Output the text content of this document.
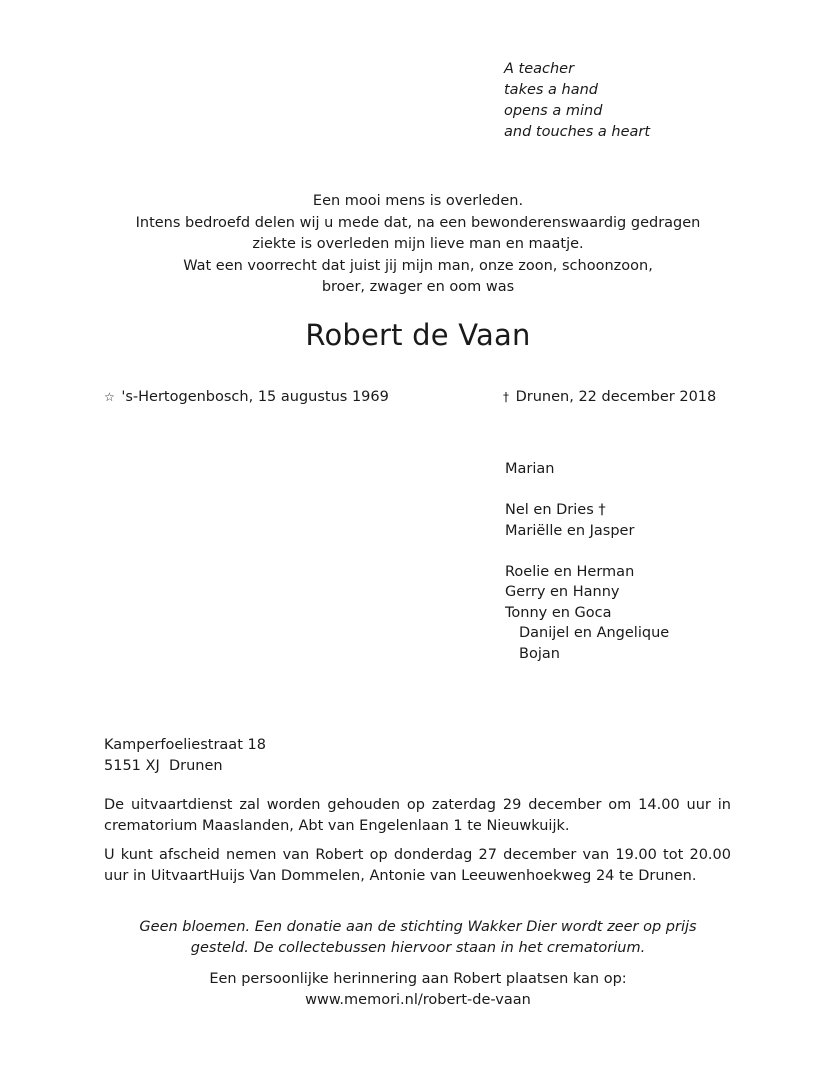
A teacher
takes a hand
opens a mind
and touches a heart
Een mooi mens is overleden.
Intens bedroefd delen wij u mede dat, na een bewonderenswaardig gedragen
ziekte is overleden mijn lieve man en maatje.
Wat een voorrecht dat juist jij mijn man, onze zoon, schoonzoon,
broer, zwager en oom was
Robert de Vaan
☆ 's-Hertogenbosch, 15 augustus 1969	† Drunen, 22 december 2018
Marian
Nel en Dries †
Mariëlle en Jasper
Roelie en Herman
Gerry en Hanny
Tonny en Goca
Danijel en Angelique
Bojan
Kamperfoeliestraat 18
5151 XJ  Drunen

De uitvaartdienst zal worden gehouden op zaterdag 29 december om 14.00 uur in crematorium Maaslanden, Abt van Engelenlaan 1 te Nieuwkuijk.

U kunt afscheid nemen van Robert op donderdag 27 december van 19.00 tot 20.00 uur in UitvaartHuijs Van Dommelen, Antonie van Leeuwenhoekweg 24 te Drunen.

Geen bloemen. Een donatie aan de stichting Wakker Dier wordt zeer op prijs
gesteld. De collectebussen hiervoor staan in het crematorium.
Een persoonlijke herinnering aan Robert plaatsen kan op:
www.memori.nl/robert-de-vaan
